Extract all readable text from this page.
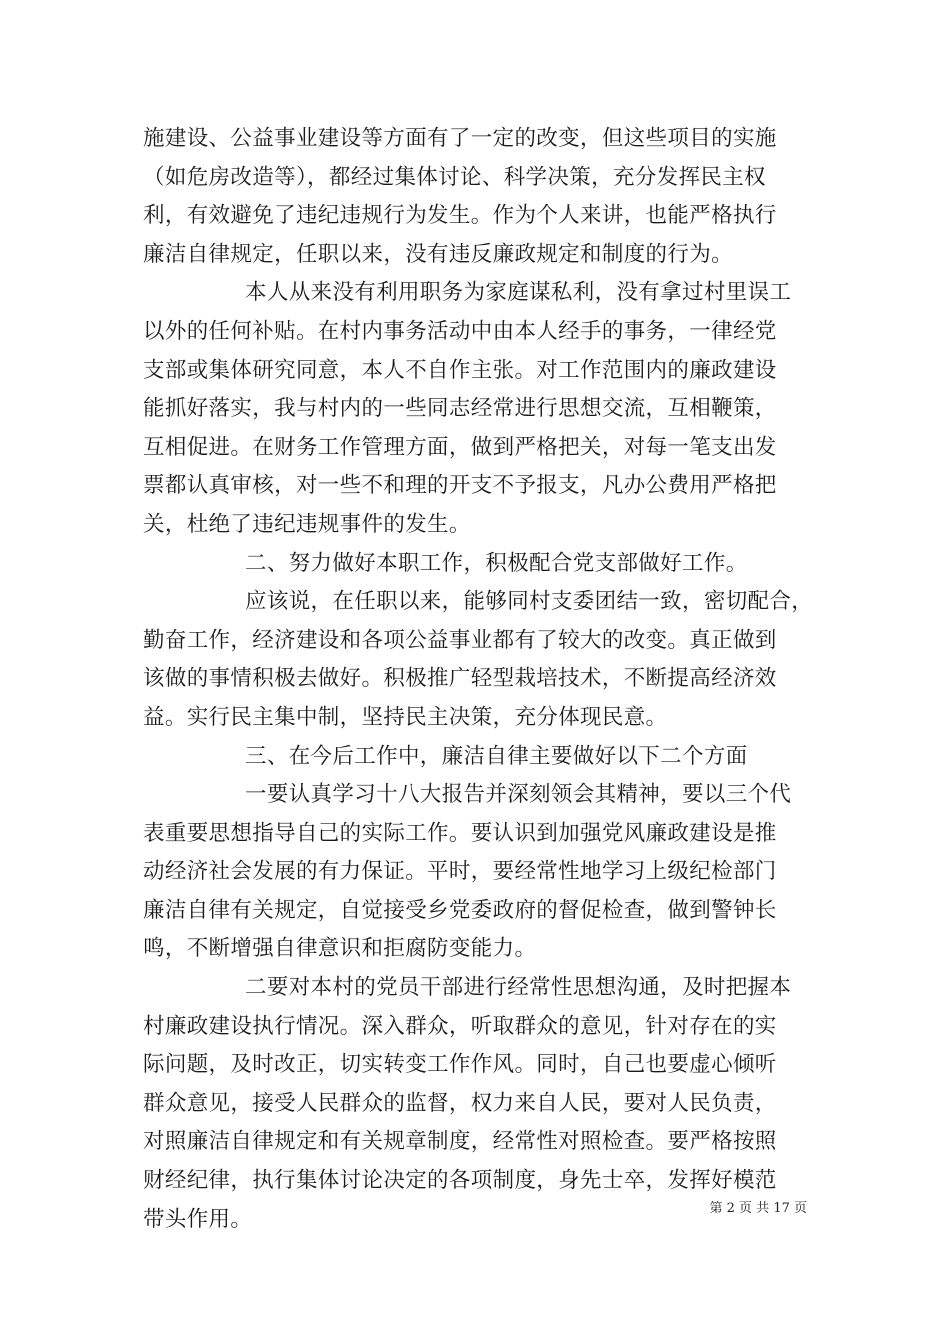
施建设、公益事业建设等方面有了一定的改变，但这些项目的实施
（如危房改造等），都经过集体讨论、科学决策，充分发挥民主权
利，有效避免了违纪违规行为发生。作为个人来讲，也能严格执行
廉洁自律规定，任职以来，没有违反廉政规定和制度的行为。
本人从来没有利用职务为家庭谋私利，没有拿过村里误工
以外的任何补贴。在村内事务活动中由本人经手的事务，一律经党
支部或集体研究同意，本人不自作主张。对工作范围内的廉政建设
能抓好落实，我与村内的一些同志经常进行思想交流，互相鞭策，
互相促进。在财务工作管理方面，做到严格把关，对每一笔支出发
票都认真审核，对一些不和理的开支不予报支，凡办公费用严格把
关，杜绝了违纪违规事件的发生。
二、努力做好本职工作，积极配合党支部做好工作。
应该说，在任职以来，能够同村支委团结一致，密切配合，
勤奋工作，经济建设和各项公益事业都有了较大的改变。真正做到
该做的事情积极去做好。积极推广轻型栽培技术，不断提高经济效
益。实行民主集中制，坚持民主决策，充分体现民意。
三、在今后工作中，廉洁自律主要做好以下二个方面
一要认真学习十八大报告并深刻领会其精神，要以三个代
表重要思想指导自己的实际工作。要认识到加强党风廉政建设是推
动经济社会发展的有力保证。平时，要经常性地学习上级纪检部门
廉洁自律有关规定，自觉接受乡党委政府的督促检查，做到警钟长
鸣，不断增强自律意识和拒腐防变能力。
二要对本村的党员干部进行经常性思想沟通，及时把握本
村廉政建设执行情况。深入群众，听取群众的意见，针对存在的实
际问题，及时改正，切实转变工作作风。同时，自己也要虚心倾听
群众意见，接受人民群众的监督，权力来自人民，要对人民负责，
对照廉洁自律规定和有关规章制度，经常性对照检查。要严格按照
财经纪律，执行集体讨论决定的各项制度，身先士卒，发挥好模范
带头作用。	第 2 页 共 17 页
